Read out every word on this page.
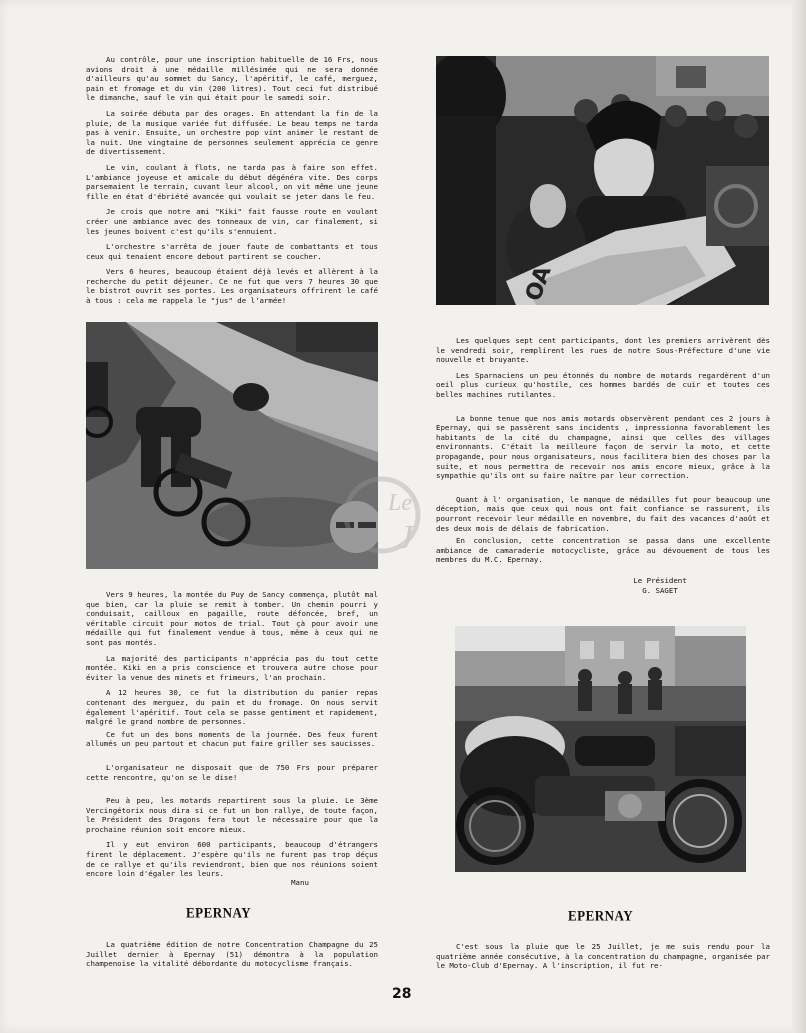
Au contrôle, pour une inscription habituelle de 16 Frs, nous avions droit à une médaille millésimée qui ne sera donnée d'ailleurs qu'au sommet du Sancy, l'apéritif, le café, merguez, pain et fromage et du vin (200 litres). Tout ceci fut distribué le dimanche, sauf le vin qui était pour le samedi soir.

La soirée débuta par des orages. En attendant la fin de la pluie, de la musique variée fut diffusée. Le beau temps ne tarda pas à venir. Ensuite, un orchestre pop vint animer le restant de la nuit. Une vingtaine de personnes seulement apprécia ce genre de divertissement.

Le vin, coulant à flots, ne tarda pas à faire son effet. L'ambiance joyeuse et amicale du début dégénéra vite. Des corps parsemaient le terrain, cuvant leur alcool, on vit même une jeune fille en état d'ébriété avancée qui voulait se jeter dans le feu.

Je crois que notre ami "Kiki" fait fausse route en voulant créer une ambiance avec des tonneaux de vin, car finalement, si les jeunes boivent c'est qu'ils s'ennuient.

L'orchestre s'arrêta de jouer faute de combattants et tous ceux qui tenaient encore debout partirent se coucher.

Vers 6 heures, beaucoup étaient déjà levés et allèrent à la recherche du petit déjeuner. Ce ne fut que vers 7 heures 30 que le bistrot ouvrit ses portes. Les organisateurs offrirent le café à tous : cela me rappela le "jus" de l'armée!

Le
J

Vers 9 heures, la montée du Puy de Sancy commença, plutôt mal que bien, car la pluie se remit à tomber. Un chemin pourri y conduisait, cailloux en pagaille, route défoncée, bref, un véritable circuit pour motos de trial. Tout çà pour avoir une médaille qui fut finalement vendue à tous, même à ceux qui ne sont pas montés.

La majorité des participants n'apprécia pas du tout cette montée. Kiki en a pris conscience et trouvera autre chose pour éviter la venue des minets et frimeurs, l'an prochain.

A 12 heures 30, ce fut la distribution du panier repas contenant des merguez, du pain et du fromage. On nous servit également l'apéritif. Tout cela se passe gentiment et rapidement, malgré le grand nombre de personnes.

Ce fut un des bons moments de la journée. Des feux furent allumés un peu partout et chacun put faire griller ses saucisses.

L'organisateur ne disposait que de 750 Frs pour préparer cette rencontre, qu'on se le dise!

Peu à peu, les motards repartirent sous la pluie. Le 3ème Vercingétorix nous dira si ce fut un bon rallye, de toute façon, le Président des Dragons fera tout le nécessaire pour que la prochaine réunion soit encore mieux.

Il y eut environ 600 participants, beaucoup d'étrangers firent le déplacement. J'espère qu'ils ne furent pas trop déçus de ce rallye et qu'ils reviendront, bien que nos réunions soient encore loin d'égaler les leurs.

Manu
EPERNAY

La quatrième édition de notre Concentration Champagne du 25 Juillet dernier à Epernay (51) démontra à la population champenoise la vitalité débordante du motocyclisme français.

OA

Les quelques sept cent participants, dont les premiers arrivèrent dès le vendredi soir, remplirent les rues de notre Sous-Préfecture d'une vie nouvelle et bruyante.

Les Sparnaciens un peu étonnés du nombre de motards regardèrent d'un oeil plus curieux qu'hostile, ces hommes bardés de cuir et toutes ces belles machines rutilantes.

La bonne tenue que nos amis motards observèrent pendant ces 2 jours à Epernay, qui se passèrent sans incidents , impressionna favorablement les habitants de la cité du champagne, ainsi que celles des villages environnants. C'était la meilleure façon de servir la moto, et cette propagande, pour nous organisateurs, nous facilitera bien des choses par la suite, et nous permettra de recevoir nos amis encore mieux, grâce à la sympathie qu'ils ont su faire naître par leur correction.

Quant à l' organisation, le manque de médailles fut pour beaucoup une déception, mais que ceux qui nous ont fait confiance se rassurent, ils pourront recevoir leur médaille en novembre, du fait des vacances d'août et des deux mois de délais de fabrication.

En conclusion, cette concentration se passa dans une excellente ambiance de camaraderie motocycliste, grâce au dévouement de tous les membres du M.C. Epernay.

Le Président
G. SAGET
EPERNAY

C'est sous la pluie que le 25 Juillet, je me suis rendu pour la quatrième année consécutive, à la concentration du champagne, organisée par le Moto-Club d'Epernay. A l'inscription, il fut re-

28
